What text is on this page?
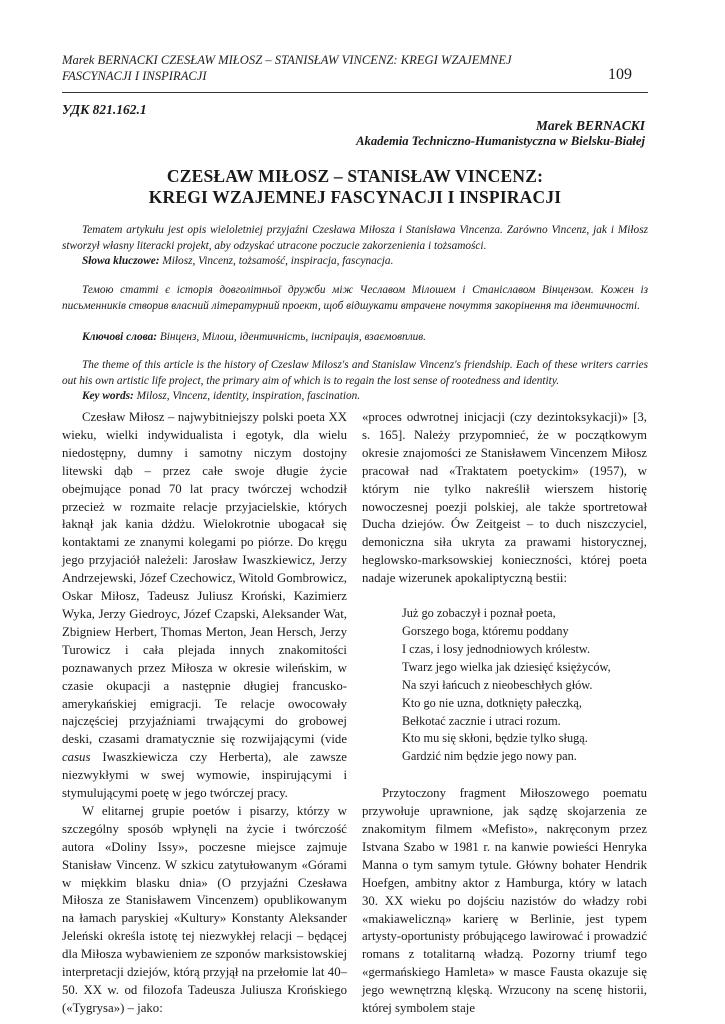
Marek BERNACKI CZESŁAW MIŁOSZ – STANISŁAW VINCENZ: KREGI WZAJEMNEJ
FASCYNACJI I INSPIRACJI	109
УДК 821.162.1
Marek BERNACKI
Akademia Techniczno-Humanistyczna w Bielsku-Białej
CZESŁAW MIŁOSZ – STANISŁAW VINCENZ:
KREGI WZAJEMNEJ FASCYNACJI I INSPIRACJI

Tematem artykułu jest opis wieloletniej przyjaźni Czesława Miłosza i Stanisława Vincenza. Zarówno Vincenz, jak i Miłosz stworzył własny literacki projekt, aby odzyskać utracone poczucie zakorzenienia i tożsamości.

Słowa kluczowe: Miłosz, Vincenz, tożsamość, inspiracja, fascynacja.

Темою статті є історія довголітньої дружби між Чеславом Мілошем і Станіславом Вінцензом. Кожен із письменників створив власний літературний проект, щоб відшукати втрачене почуття закорінення та ідентичності.

Ключові слова: Вінценз, Мілош, ідентичність, інспірація, взаємовплив.

The theme of this article is the history of Czeslaw Milosz's and Stanislaw Vincenz's friendship. Each of these writers carries out his own artistic life project, the primary aim of which is to regain the lost sense of rootedness and identity.

Key words: Milosz, Vincenz, identity, inspiration, fascination.

Czesław Miłosz – najwybitniejszy polski poeta XX wieku, wielki indywidualista i egotyk, dla wielu niedostępny, dumny i samotny niczym dostojny litewski dąb – przez całe swoje długie życie obejmujące ponad 70 lat pracy twórczej wchodził przecież w rozmaite relacje przyjacielskie, których łaknął jak kania dżdżu. Wielokrotnie ubogacał się kontaktami ze znanymi kolegami po piórze. Do kręgu jego przyjaciół należeli: Jarosław Iwaszkiewicz, Jerzy Andrzejewski, Józef Czechowicz, Witold Gombrowicz, Oskar Miłosz, Tadeusz Juliusz Kroński, Kazimierz Wyka, Jerzy Giedroyc, Józef Czapski, Aleksander Wat, Zbigniew Herbert, Thomas Merton, Jean Hersch, Jerzy Turowicz i cała plejada innych znakomitości poznawanych przez Miłosza w okresie wileńskim, w czasie okupacji a następnie długiej francusko-amerykańskiej emigracji. Te relacje owocowały najczęściej przyjaźniami trwającymi do grobowej deski, czasami dramatycznie się rozwijającymi (vide casus Iwaszkiewicza czy Herberta), ale zawsze niezwykłymi w swej wymowie, inspirującymi i stymulującymi poetę w jego twórczej pracy.

W elitarnej grupie poetów i pisarzy, którzy w szczególny sposób wpłynęli na życie i twórczość autora «Doliny Issy», poczesne miejsce zajmuje Stanisław Vincenz. W szkicu zatytułowanym «Górami w miękkim blasku dnia» (O przyjaźni Czesława Miłosza ze Stanisławem Vincenzem) opublikowanym na łamach paryskiej «Kultury» Konstanty Aleksander Jeleński określa istotę tej niezwykłej relacji – będącej dla Miłosza wybawieniem ze szponów marksistowskiej interpretacji dziejów, którą przyjął na przełomie lat 40–50. XX w. od filozofa Tadeusza Juliusza Krońskiego («Tygrysa») – jako:

«proces odwrotnej inicjacji (czy dezintoksykacji)» [3, s. 165]. Należy przypomnieć, że w początkowym okresie znajomości ze Stanisławem Vincenzem Miłosz pracował nad «Traktatem poetyckim» (1957), w którym nie tylko nakreślił wierszem historię nowoczesnej poezji polskiej, ale także sportretował Ducha dziejów. Ów Zeitgeist – to duch niszczyciel, demoniczna siła ukryta za prawami historycznej, heglowsko-marksowskiej konieczności, której poeta nadaje wizerunek apokaliptyczną bestii:

Już go zobaczył i poznał poeta,
Gorszego boga, któremu poddany
I czas, i losy jednodniowych królestw.
Twarz jego wielka jak dziesięć księżyców,
Na szyi łańcuch z nieobeschłych głów.
Kto go nie uzna, dotknięty pałeczką,
Bełkotać zacznie i utraci rozum.
Kto mu się skłoni, będzie tylko sługą.
Gardzić nim będzie jego nowy pan.

Przytoczony fragment Miłoszowego poematu przywołuje uprawnione, jak sądzę skojarzenia ze znakomitym filmem «Mefisto», nakręconym przez Istvana Szabo w 1981 r. na kanwie powieści Henryka Manna o tym samym tytule. Główny bohater Hendrik Hoefgen, ambitny aktor z Hamburga, który w latach 30. XX wieku po dojściu nazistów do władzy robi «makiaweliczną» karierę w Berlinie, jest typem artysty-oportunisty próbującego lawirować i prowadzić romans z totalitarną władzą. Pozorny triumf tego «germańskiego Hamleta» w masce Fausta okazuje się jego wewnętrzną klęską. Wrzucony na scenę historii, której symbolem staje
